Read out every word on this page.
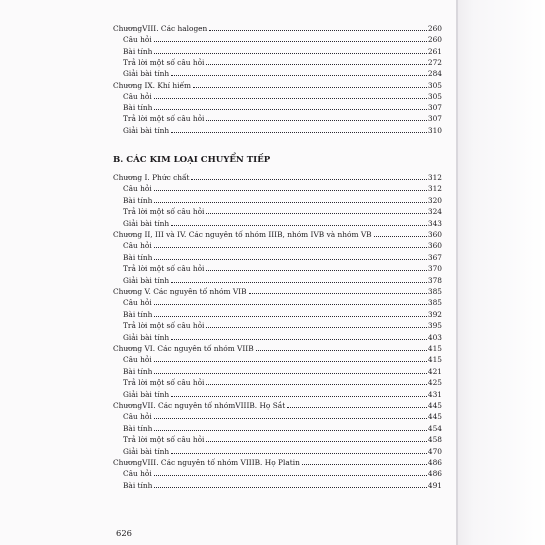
B. CÁC KIM LOẠI CHUYỂN TIẾP
626
ChươngVIII. Các halogen	260
Câu hỏi	260
Bài tính	261
Trả lời một số câu hỏi	272
Giải bài tính	284
Chương IX. Khí hiếm	305
Câu hỏi	305
Bài tính	307
Trả lời một số câu hỏi	307
Giải bài tính	310
Chương I. Phức chất	312
Câu hỏi	312
Bài tính	320
Trả lời một số câu hỏi	324
Giải bài tính	343
Chương II, III và IV. Các nguyên tố nhóm IIIB, nhóm IVB và nhóm VB	360
Câu hỏi	360
Bài tính	367
Trả lời một số câu hỏi	370
Giải bài tính	378
Chương V. Các nguyên tố nhóm VIB	385
Câu hỏi	385
Bài tính	392
Trả lời một số câu hỏi	395
Giải bài tính	403
Chương VI. Các nguyên tố nhóm VIIB	415
Câu hỏi	415
Bài tính	421
Trả lời một số câu hỏi	425
Giải bài tính	431
ChươngVII. Các nguyên tố nhómVIIIB. Họ Sắt	445
Câu hỏi	445
Bài tính	454
Trả lời một số câu hỏi	458
Giải bài tính	470
ChươngVIII. Các nguyên tố nhóm VIIIB. Họ Platin	486
Câu hỏi	486
Bài tính	491
